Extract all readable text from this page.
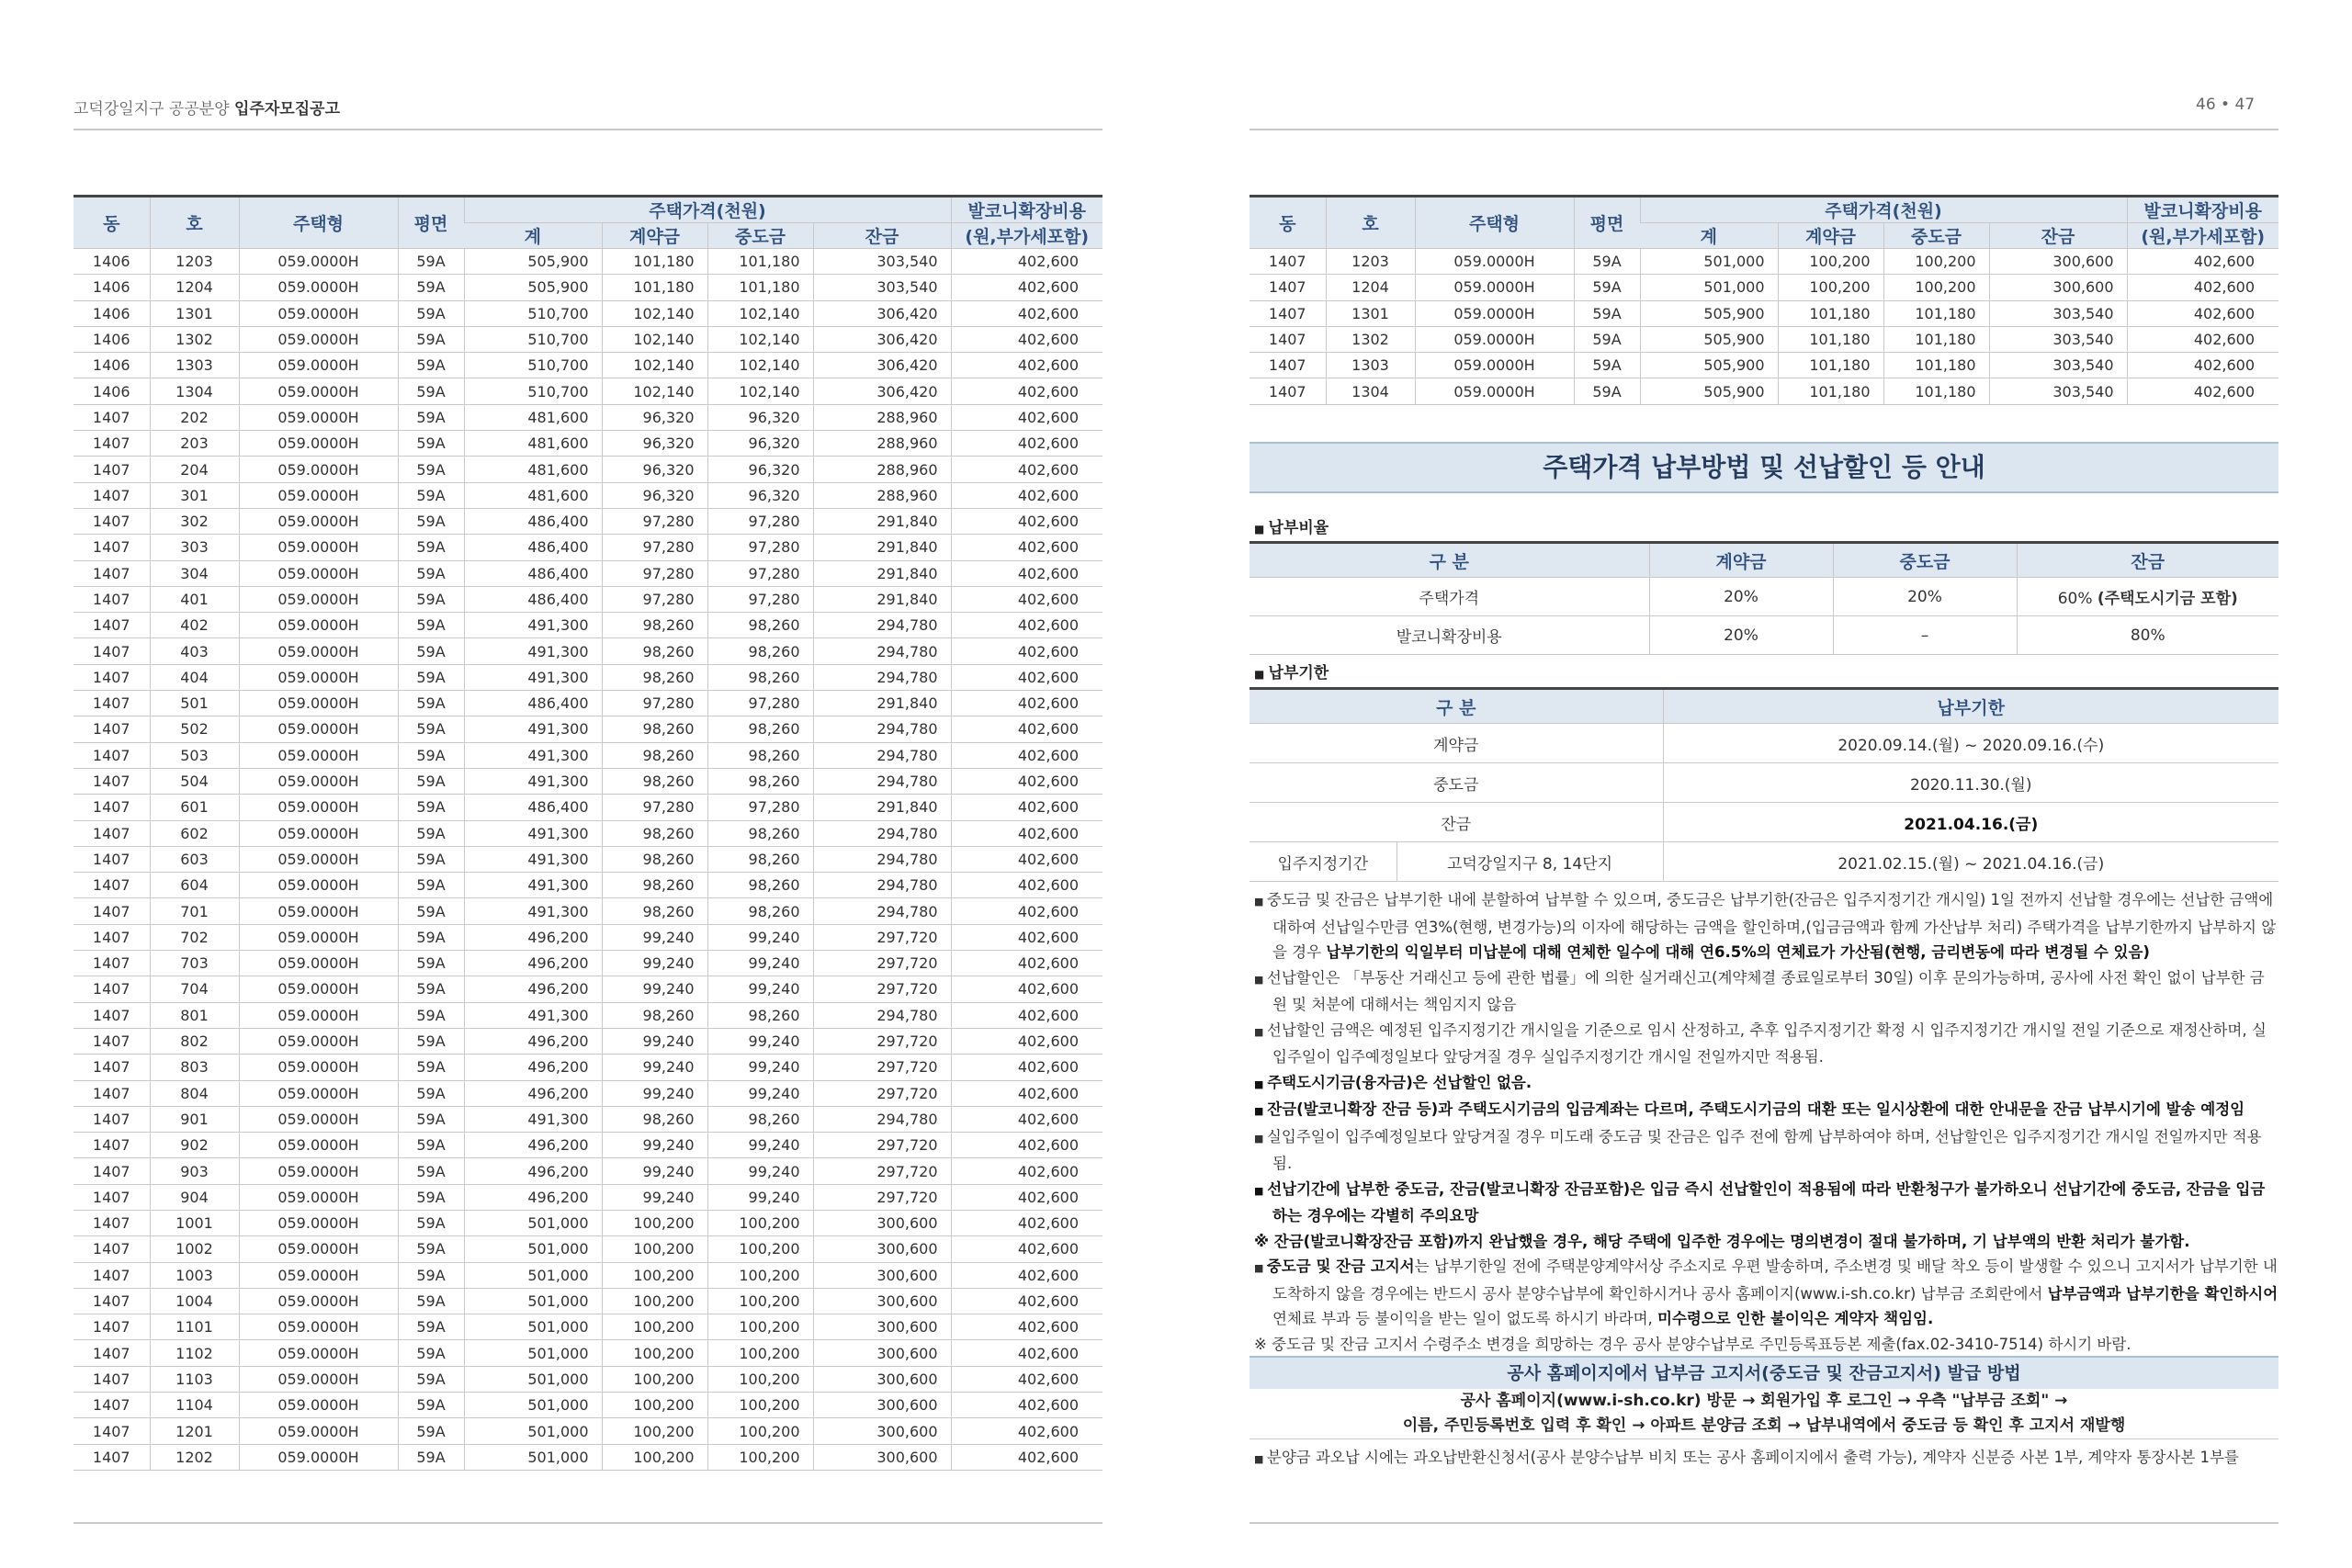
고덕강일지구 공공분양 입주자모집공고	46 • 47
동	호	주택형	평면	주택가격(천원)				발코니확장비용
				계	계약금	중도금	잔금	(원,부가세포함)
1406	1203	059.0000H	59A	505,900	101,180	101,180	303,540	402,600
1406	1204	059.0000H	59A	505,900	101,180	101,180	303,540	402,600
1406	1301	059.0000H	59A	510,700	102,140	102,140	306,420	402,600
1406	1302	059.0000H	59A	510,700	102,140	102,140	306,420	402,600
1406	1303	059.0000H	59A	510,700	102,140	102,140	306,420	402,600
1406	1304	059.0000H	59A	510,700	102,140	102,140	306,420	402,600
1407	202	059.0000H	59A	481,600	96,320	96,320	288,960	402,600
1407	203	059.0000H	59A	481,600	96,320	96,320	288,960	402,600
1407	204	059.0000H	59A	481,600	96,320	96,320	288,960	402,600
1407	301	059.0000H	59A	481,600	96,320	96,320	288,960	402,600
1407	302	059.0000H	59A	486,400	97,280	97,280	291,840	402,600
1407	303	059.0000H	59A	486,400	97,280	97,280	291,840	402,600
1407	304	059.0000H	59A	486,400	97,280	97,280	291,840	402,600
1407	401	059.0000H	59A	486,400	97,280	97,280	291,840	402,600
1407	402	059.0000H	59A	491,300	98,260	98,260	294,780	402,600
1407	403	059.0000H	59A	491,300	98,260	98,260	294,780	402,600
1407	404	059.0000H	59A	491,300	98,260	98,260	294,780	402,600
1407	501	059.0000H	59A	486,400	97,280	97,280	291,840	402,600
1407	502	059.0000H	59A	491,300	98,260	98,260	294,780	402,600
1407	503	059.0000H	59A	491,300	98,260	98,260	294,780	402,600
1407	504	059.0000H	59A	491,300	98,260	98,260	294,780	402,600
1407	601	059.0000H	59A	486,400	97,280	97,280	291,840	402,600
1407	602	059.0000H	59A	491,300	98,260	98,260	294,780	402,600
1407	603	059.0000H	59A	491,300	98,260	98,260	294,780	402,600
1407	604	059.0000H	59A	491,300	98,260	98,260	294,780	402,600
1407	701	059.0000H	59A	491,300	98,260	98,260	294,780	402,600
1407	702	059.0000H	59A	496,200	99,240	99,240	297,720	402,600
1407	703	059.0000H	59A	496,200	99,240	99,240	297,720	402,600
1407	704	059.0000H	59A	496,200	99,240	99,240	297,720	402,600
1407	801	059.0000H	59A	491,300	98,260	98,260	294,780	402,600
1407	802	059.0000H	59A	496,200	99,240	99,240	297,720	402,600
1407	803	059.0000H	59A	496,200	99,240	99,240	297,720	402,600
1407	804	059.0000H	59A	496,200	99,240	99,240	297,720	402,600
1407	901	059.0000H	59A	491,300	98,260	98,260	294,780	402,600
1407	902	059.0000H	59A	496,200	99,240	99,240	297,720	402,600
1407	903	059.0000H	59A	496,200	99,240	99,240	297,720	402,600
1407	904	059.0000H	59A	496,200	99,240	99,240	297,720	402,600
1407	1001	059.0000H	59A	501,000	100,200	100,200	300,600	402,600
1407	1002	059.0000H	59A	501,000	100,200	100,200	300,600	402,600
1407	1003	059.0000H	59A	501,000	100,200	100,200	300,600	402,600
1407	1004	059.0000H	59A	501,000	100,200	100,200	300,600	402,600
1407	1101	059.0000H	59A	501,000	100,200	100,200	300,600	402,600
1407	1102	059.0000H	59A	501,000	100,200	100,200	300,600	402,600
1407	1103	059.0000H	59A	501,000	100,200	100,200	300,600	402,600
1407	1104	059.0000H	59A	501,000	100,200	100,200	300,600	402,600
1407	1201	059.0000H	59A	501,000	100,200	100,200	300,600	402,600
1407	1202	059.0000H	59A	501,000	100,200	100,200	300,600	402,600
동	호	주택형	평면	주택가격(천원)				발코니확장비용
				계	계약금	중도금	잔금	(원,부가세포함)
1407	1203	059.0000H	59A	501,000	100,200	100,200	300,600	402,600
1407	1204	059.0000H	59A	501,000	100,200	100,200	300,600	402,600
1407	1301	059.0000H	59A	505,900	101,180	101,180	303,540	402,600
1407	1302	059.0000H	59A	505,900	101,180	101,180	303,540	402,600
1407	1303	059.0000H	59A	505,900	101,180	101,180	303,540	402,600
1407	1304	059.0000H	59A	505,900	101,180	101,180	303,540	402,600
주택가격 납부방법 및 선납할인 등 안내
■ 납부비율
구 분	계약금	중도금	잔금
주택가격	20%	20%	60% (주택도시기금 포함)
발코니확장비용	20%	–	80%
■ 납부기한
구 분		납부기한
계약금		2020.09.14.(월) ~ 2020.09.16.(수)
중도금		2020.11.30.(월)
잔금		2021.04.16.(금)
입주지정기간	고덕강일지구 8, 14단지	2021.02.15.(월) ~ 2021.04.16.(금)
■ 중도금 및 잔금은 납부기한 내에 분할하여 납부할 수 있으며, 중도금은 납부기한(잔금은 입주지정기간 개시일) 1일 전까지 선납할 경우에는 선납한 금액에 대하여 선납일수만큼 연3%(현행, 변경가능)의 이자에 해당하는 금액을 할인하며,(입금금액과 함께 가산납부 처리) 주택가격을 납부기한까지 납부하지 않을 경우 납부기한의 익일부터 미납분에 대해 연체한 일수에 대해 연6.5%의 연체료가 가산됨(현행, 금리변동에 따라 변경될 수 있음)
■ 선납할인은 「부동산 거래신고 등에 관한 법률」에 의한 실거래신고(계약체결 종료일로부터 30일) 이후 문의가능하며, 공사에 사전 확인 없이 납부한 금원 및 처분에 대해서는 책임지지 않음
■ 선납할인 금액은 예정된 입주지정기간 개시일을 기준으로 임시 산정하고, 추후 입주지정기간 확정 시 입주지정기간 개시일 전일 기준으로 재정산하며, 실입주일이 입주예정일보다 앞당겨질 경우 실입주지정기간 개시일 전일까지만 적용됨.
■ 주택도시기금(융자금)은 선납할인 없음.
■ 잔금(발코니확장 잔금 등)과 주택도시기금의 입금계좌는 다르며, 주택도시기금의 대환 또는 일시상환에 대한 안내문을 잔금 납부시기에 발송 예정임
■ 실입주일이 입주예정일보다 앞당겨질 경우 미도래 중도금 및 잔금은 입주 전에 함께 납부하여야 하며, 선납할인은 입주지정기간 개시일 전일까지만 적용됨.
■ 선납기간에 납부한 중도금, 잔금(발코니확장 잔금포함)은 입금 즉시 선납할인이 적용됨에 따라 반환청구가 불가하오니 선납기간에 중도금, 잔금을 입금하는 경우에는 각별히 주의요망
※ 잔금(발코니확장잔금 포함)까지 완납했을 경우, 해당 주택에 입주한 경우에는 명의변경이 절대 불가하며, 기 납부액의 반환 처리가 불가함.
■ 중도금 및 잔금 고지서는 납부기한일 전에 주택분양계약서상 주소지로 우편 발송하며, 주소변경 및 배달 착오 등이 발생할 수 있으니 고지서가 납부기한 내 도착하지 않을 경우에는 반드시 공사 분양수납부에 확인하시거나 공사 홈페이지(www.i-sh.co.kr) 납부금 조회란에서 납부금액과 납부기한을 확인하시어 연체료 부과 등 불이익을 받는 일이 없도록 하시기 바라며, 미수령으로 인한 불이익은 계약자 책임임.
※ 중도금 및 잔금 고지서 수령주소 변경을 희망하는 경우 공사 분양수납부로 주민등록표등본 제출(fax.02-3410-7514) 하시기 바람.
공사 홈페이지에서 납부금 고지서(중도금 및 잔금고지서) 발급 방법
공사 홈페이지(www.i-sh.co.kr) 방문 → 회원가입 후 로그인 → 우측 "납부금 조회" →
이름, 주민등록번호 입력 후 확인 → 아파트 분양금 조회 → 납부내역에서 중도금 등 확인 후 고지서 재발행
■ 분양금 과오납 시에는 과오납반환신청서(공사 분양수납부 비치 또는 공사 홈페이지에서 출력 가능), 계약자 신분증 사본 1부, 계약자 통장사본 1부를
